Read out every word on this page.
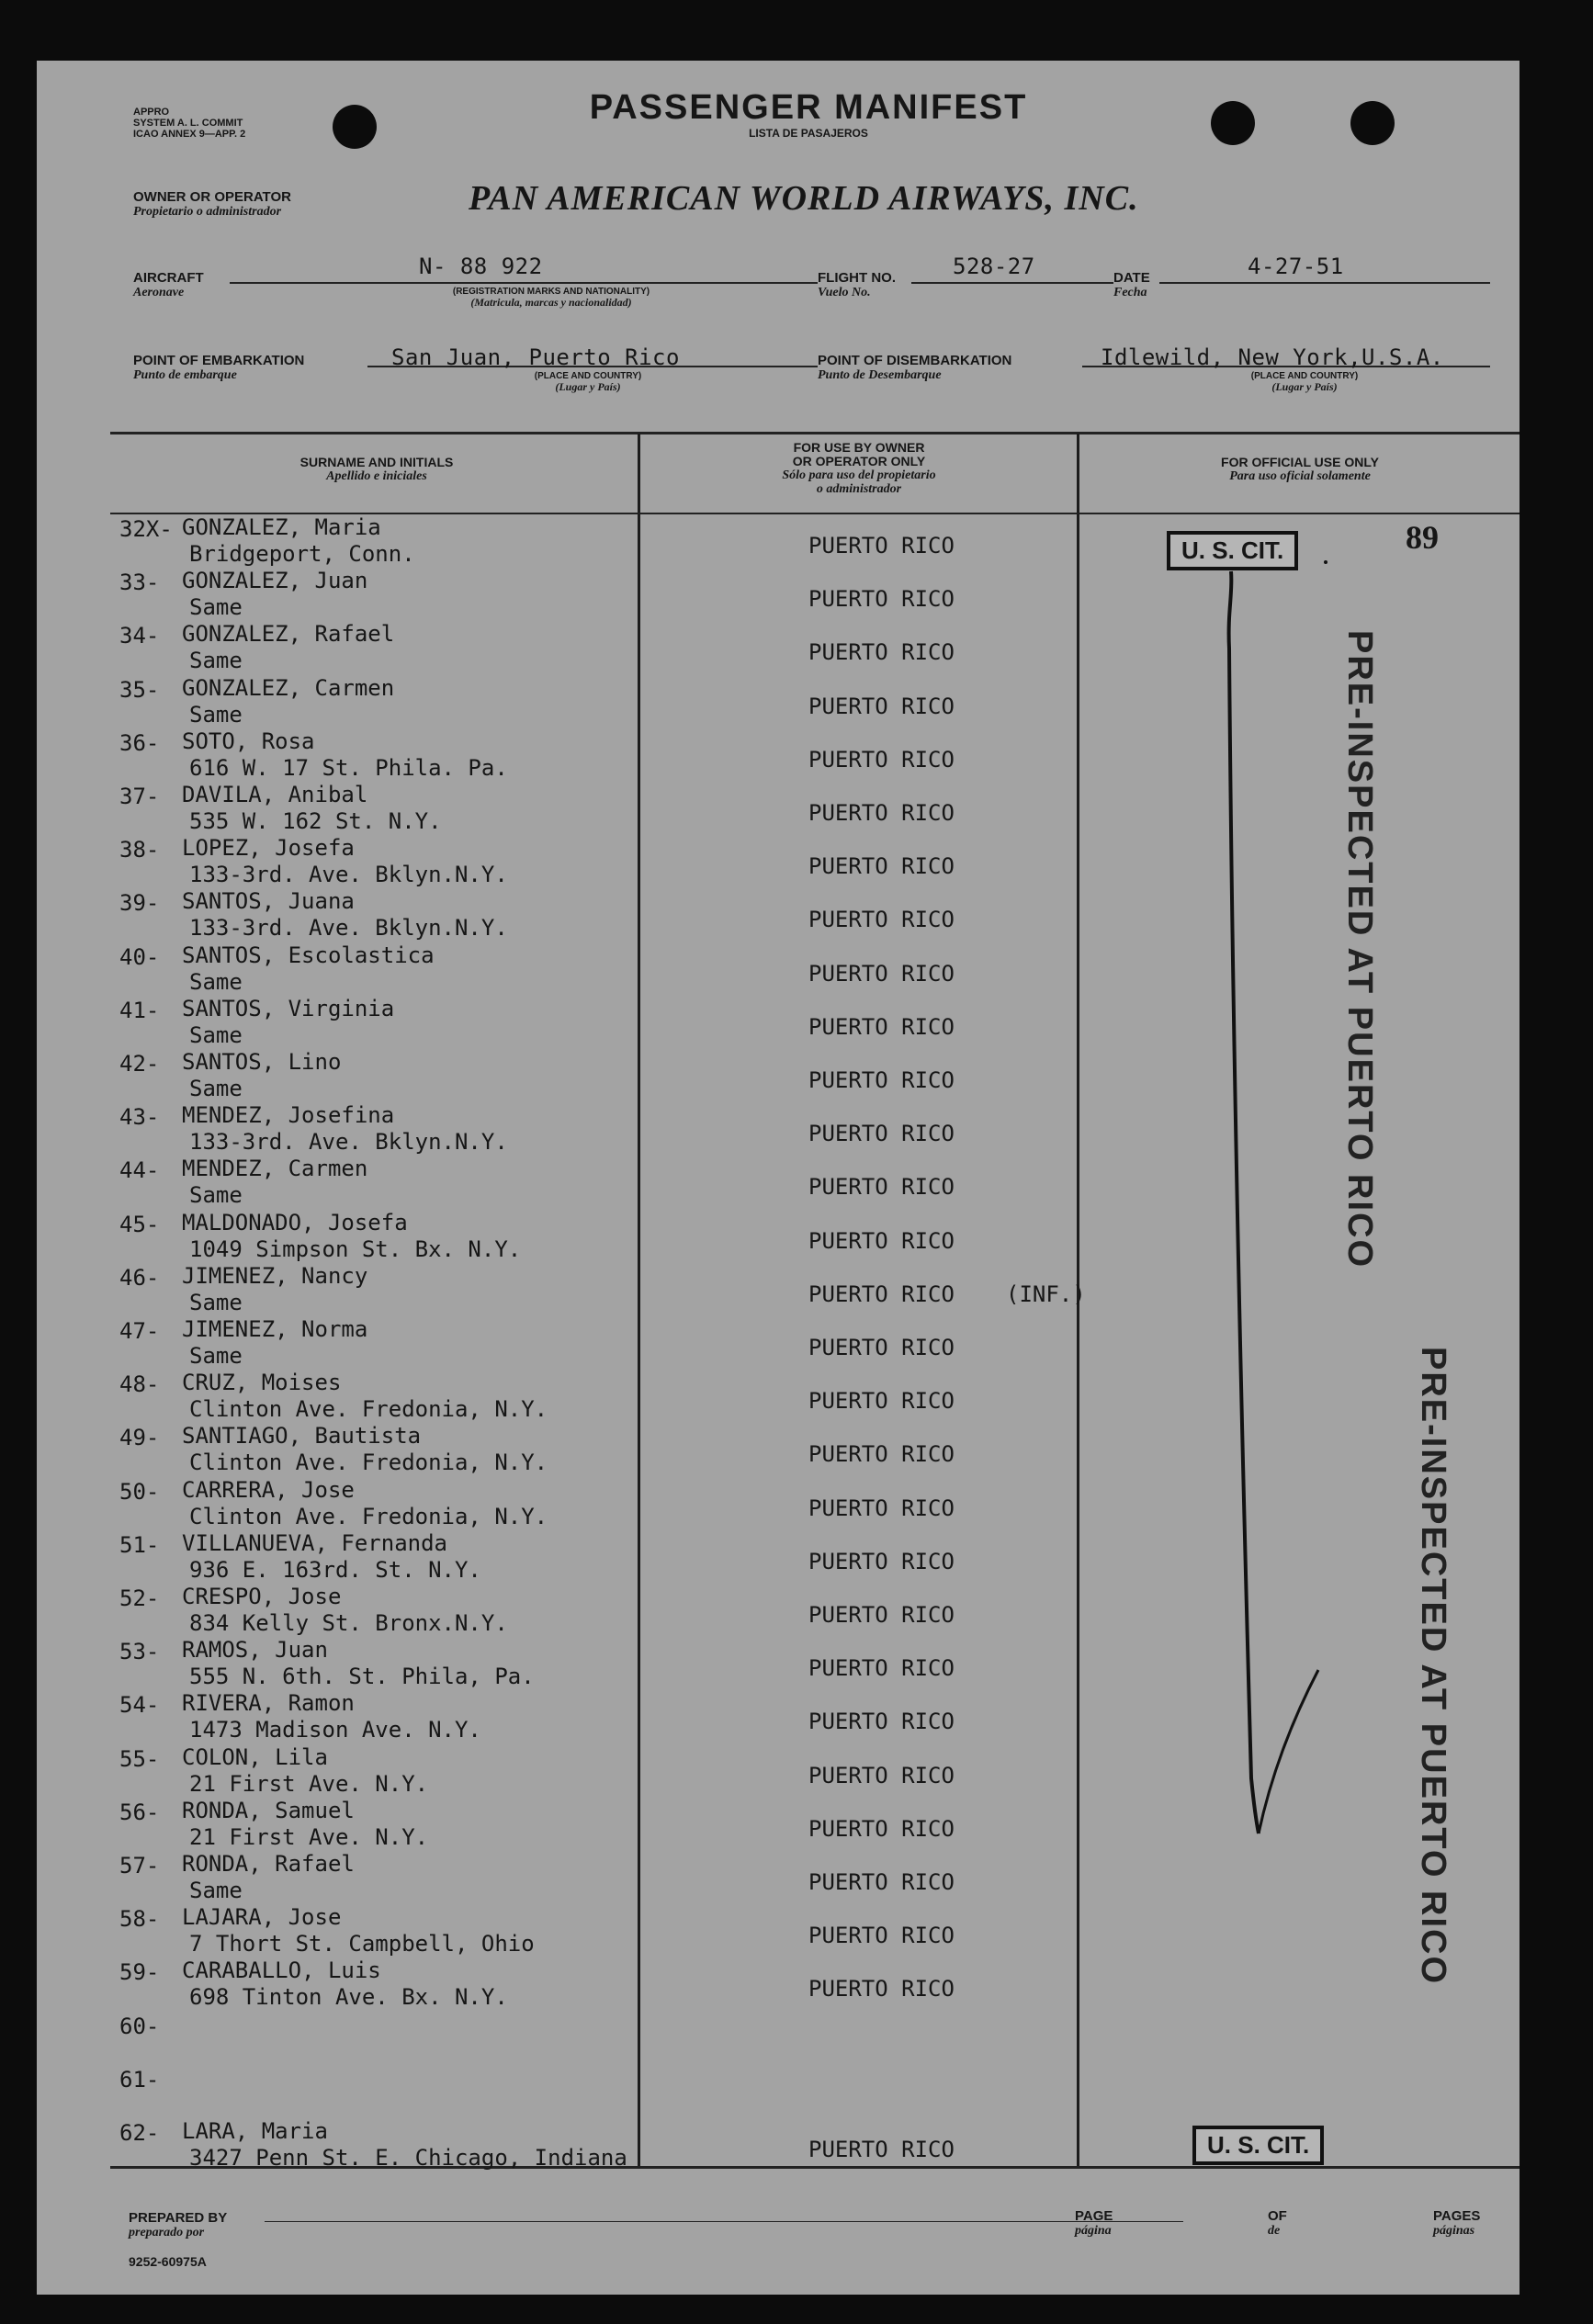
APPRO
SYSTEM A. L. COMMIT
ICAO ANNEX 9—APP. 2
PASSENGER MANIFEST
LISTA DE PASAJEROS
OWNER OR OPERATOR
Propietario o administrador	PAN AMERICAN WORLD AIRWAYS, INC.
AIRCRAFT
Aeronave
N- 88 922
(REGISTRATION MARKS AND NATIONALITY)
(Matricula, marcas y nacionalidad)
FLIGHT NO.
Vuelo No.
528-27	DATE
Fecha
4-27-51
POINT OF EMBARKATION
Punto de embarque
San Juan, Puerto Rico
(PLACE AND COUNTRY)
(Lugar y País)
POINT OF DISEMBARKATION
Punto de Desembarque
Idlewild, New York,U.S.A.
(PLACE AND COUNTRY)
(Lugar y País)
SURNAME AND INITIALS
Apellido e iniciales
FOR USE BY OWNER
OR OPERATOR ONLY
Sólo para uso del propietario
o administrador
FOR OFFICIAL USE ONLY
Para uso oficial solamente
32X- GONZALEZ, Maria
Bridgeport, Conn.	PUERTO RICO
33- GONZALEZ, Juan
Same	PUERTO RICO
34- GONZALEZ, Rafael
Same	PUERTO RICO
35- GONZALEZ, Carmen
Same	PUERTO RICO
36- SOTO, Rosa
616 W. 17 St. Phila. Pa.	PUERTO RICO
37- DAVILA, Anibal
535 W. 162 St. N.Y.	PUERTO RICO
38- LOPEZ, Josefa
133-3rd. Ave. Bklyn.N.Y.	PUERTO RICO
39- SANTOS, Juana
133-3rd. Ave. Bklyn.N.Y.	PUERTO RICO
40- SANTOS, Escolastica
Same	PUERTO RICO
41- SANTOS, Virginia
Same	PUERTO RICO
42- SANTOS, Lino
Same	PUERTO RICO
43- MENDEZ, Josefina
133-3rd. Ave. Bklyn.N.Y.	PUERTO RICO
44- MENDEZ, Carmen
Same	PUERTO RICO
45- MALDONADO, Josefa
1049 Simpson St. Bx. N.Y.	PUERTO RICO
46- JIMENEZ, Nancy
Same	PUERTO RICO (INF.)
47- JIMENEZ, Norma
Same	PUERTO RICO
48- CRUZ, Moises
Clinton Ave. Fredonia, N.Y.	PUERTO RICO
49- SANTIAGO, Bautista
Clinton Ave. Fredonia, N.Y.	PUERTO RICO
50- CARRERA, Jose
Clinton Ave. Fredonia, N.Y.	PUERTO RICO
51- VILLANUEVA, Fernanda
936 E. 163rd. St. N.Y.	PUERTO RICO
52- CRESPO, Jose
834 Kelly St. Bronx.N.Y.	PUERTO RICO
53- RAMOS, Juan
555 N. 6th. St. Phila, Pa.	PUERTO RICO
54- RIVERA, Ramon
1473 Madison Ave. N.Y.	PUERTO RICO
55- COLON, Lila
21 First Ave. N.Y.	PUERTO RICO
56- RONDA, Samuel
21 First Ave. N.Y.	PUERTO RICO
57- RONDA, Rafael
Same	PUERTO RICO
58- LAJARA, Jose
7 Thort St. Campbell, Ohio	PUERTO RICO
59- CARABALLO, Luis
698 Tinton Ave. Bx. N.Y.	PUERTO RICO
60-
61-
62- LARA, Maria
3427 Penn St. E. Chicago, Indiana	PUERTO RICO
U. S. CIT.	89
PRE-INSPECTED AT PUERTO RICO
PRE-INSPECTED AT PUERTO RICO
U. S. CIT.
PREPARED BY
preparado por
PAGE
página
OF
de
PAGES
páginas
9252-60975A
